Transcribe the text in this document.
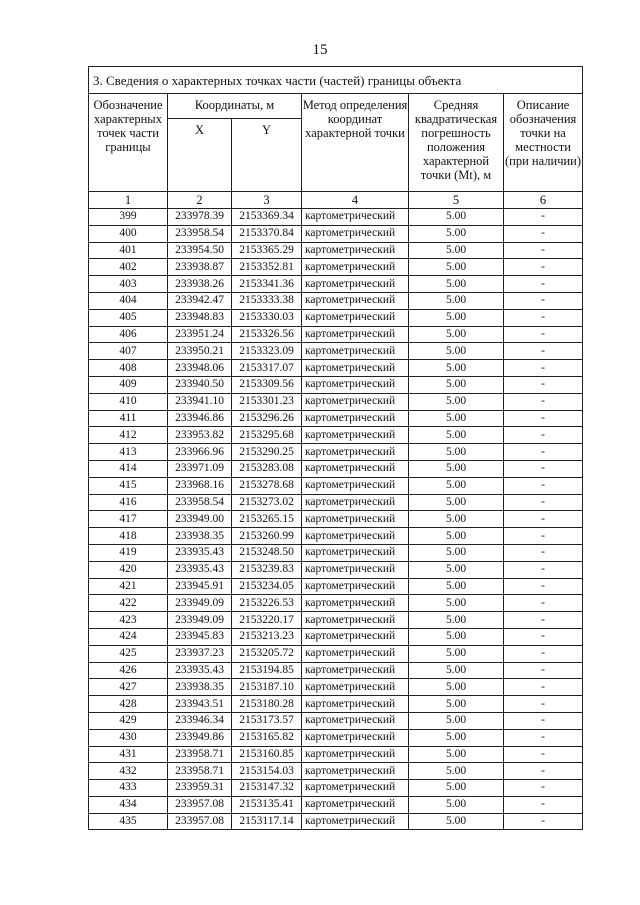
15
3. Сведения о характерных точках части (частей) границы объекта					
Обозначение характерных точек части границы	Координаты, м		Метод определения координат характерной точки	Средняя квадратическая погрешность положения характерной точки (Mt), м	Описание обозначения точки на местности (при наличии)
	X	Y			
1	2	3	4	5	6
399	233978.39	2153369.34	картометрический	5.00	-
400	233958.54	2153370.84	картометрический	5.00	-
401	233954.50	2153365.29	картометрический	5.00	-
402	233938.87	2153352.81	картометрический	5.00	-
403	233938.26	2153341.36	картометрический	5.00	-
404	233942.47	2153333.38	картометрический	5.00	-
405	233948.83	2153330.03	картометрический	5.00	-
406	233951.24	2153326.56	картометрический	5.00	-
407	233950.21	2153323.09	картометрический	5.00	-
408	233948.06	2153317.07	картометрический	5.00	-
409	233940.50	2153309.56	картометрический	5.00	-
410	233941.10	2153301.23	картометрический	5.00	-
411	233946.86	2153296.26	картометрический	5.00	-
412	233953.82	2153295.68	картометрический	5.00	-
413	233966.96	2153290.25	картометрический	5.00	-
414	233971.09	2153283.08	картометрический	5.00	-
415	233968.16	2153278.68	картометрический	5.00	-
416	233958.54	2153273.02	картометрический	5.00	-
417	233949.00	2153265.15	картометрический	5.00	-
418	233938.35	2153260.99	картометрический	5.00	-
419	233935.43	2153248.50	картометрический	5.00	-
420	233935.43	2153239.83	картометрический	5.00	-
421	233945.91	2153234.05	картометрический	5.00	-
422	233949.09	2153226.53	картометрический	5.00	-
423	233949.09	2153220.17	картометрический	5.00	-
424	233945.83	2153213.23	картометрический	5.00	-
425	233937.23	2153205.72	картометрический	5.00	-
426	233935.43	2153194.85	картометрический	5.00	-
427	233938.35	2153187.10	картометрический	5.00	-
428	233943.51	2153180.28	картометрический	5.00	-
429	233946.34	2153173.57	картометрический	5.00	-
430	233949.86	2153165.82	картометрический	5.00	-
431	233958.71	2153160.85	картометрический	5.00	-
432	233958.71	2153154.03	картометрический	5.00	-
433	233959.31	2153147.32	картометрический	5.00	-
434	233957.08	2153135.41	картометрический	5.00	-
435	233957.08	2153117.14	картометрический	5.00	-
